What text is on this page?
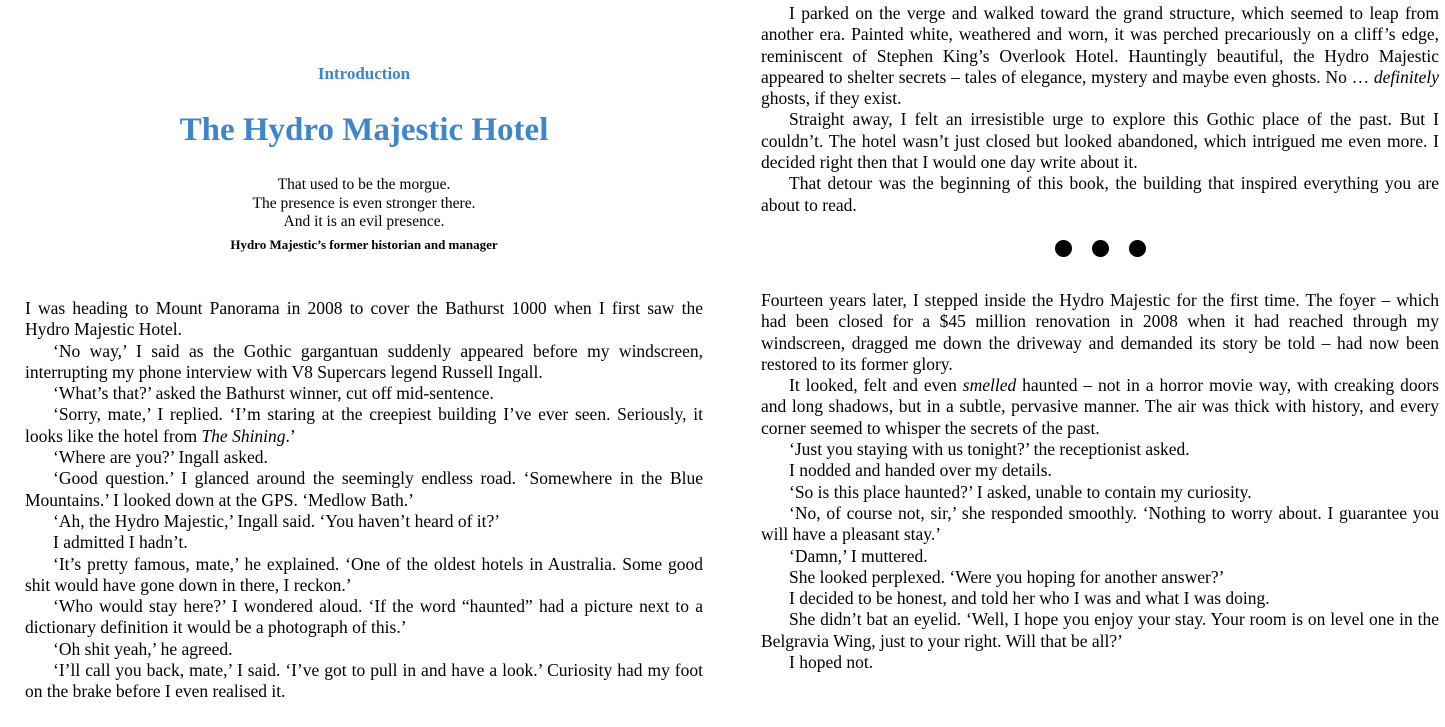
Introduction
The Hydro Majestic Hotel
That used to be the morgue.
The presence is even stronger there.
And it is an evil presence.
Hydro Majestic’s former historian and manager

I was heading to Mount Panorama in 2008 to cover the Bathurst 1000 when I first saw the Hydro Majestic Hotel.

‘No way,’ I said as the Gothic gargantuan suddenly appeared before my windscreen, interrupting my phone interview with V8 Supercars legend Russell Ingall.

‘What’s that?’ asked the Bathurst winner, cut off mid-sentence.

‘Sorry, mate,’ I replied. ‘I’m staring at the creepiest building I’ve ever seen. Seriously, it looks like the hotel from The Shining.’

‘Where are you?’ Ingall asked.

‘Good question.’ I glanced around the seemingly endless road. ‘Somewhere in the Blue Mountains.’ I looked down at the GPS. ‘Medlow Bath.’

‘Ah, the Hydro Majestic,’ Ingall said. ‘You haven’t heard of it?’

I admitted I hadn’t.

‘It’s pretty famous, mate,’ he explained. ‘One of the oldest hotels in Australia. Some good shit would have gone down in there, I reckon.’

‘Who would stay here?’ I wondered aloud. ‘If the word “haunted” had a picture next to a dictionary definition it would be a photograph of this.’

‘Oh shit yeah,’ he agreed.

‘I’ll call you back, mate,’ I said. ‘I’ve got to pull in and have a look.’ Curiosity had my foot on the brake before I even realised it.

I parked on the verge and walked toward the grand structure, which seemed to leap from another era. Painted white, weathered and worn, it was perched precariously on a cliff’s edge, reminiscent of Stephen King’s Overlook Hotel. Hauntingly beautiful, the Hydro Majestic appeared to shelter secrets – tales of elegance, mystery and maybe even ghosts. No … definitely ghosts, if they exist.

Straight away, I felt an irresistible urge to explore this Gothic place of the past. But I couldn’t. The hotel wasn’t just closed but looked abandoned, which intrigued me even more. I decided right then that I would one day write about it.

That detour was the beginning of this book, the building that inspired everything you are about to read.

Fourteen years later, I stepped inside the Hydro Majestic for the first time. The foyer – which had been closed for a $45 million renovation in 2008 when it had reached through my windscreen, dragged me down the driveway and demanded its story be told – had now been restored to its former glory.

It looked, felt and even smelled haunted – not in a horror movie way, with creaking doors and long shadows, but in a subtle, pervasive manner. The air was thick with history, and every corner seemed to whisper the secrets of the past.

‘Just you staying with us tonight?’ the receptionist asked.

I nodded and handed over my details.

‘So is this place haunted?’ I asked, unable to contain my curiosity.

‘No, of course not, sir,’ she responded smoothly. ‘Nothing to worry about. I guarantee you will have a pleasant stay.’

‘Damn,’ I muttered.

She looked perplexed. ‘Were you hoping for another answer?’

I decided to be honest, and told her who I was and what I was doing.

She didn’t bat an eyelid. ‘Well, I hope you enjoy your stay. Your room is on level one in the Belgravia Wing, just to your right. Will that be all?’

I hoped not.
